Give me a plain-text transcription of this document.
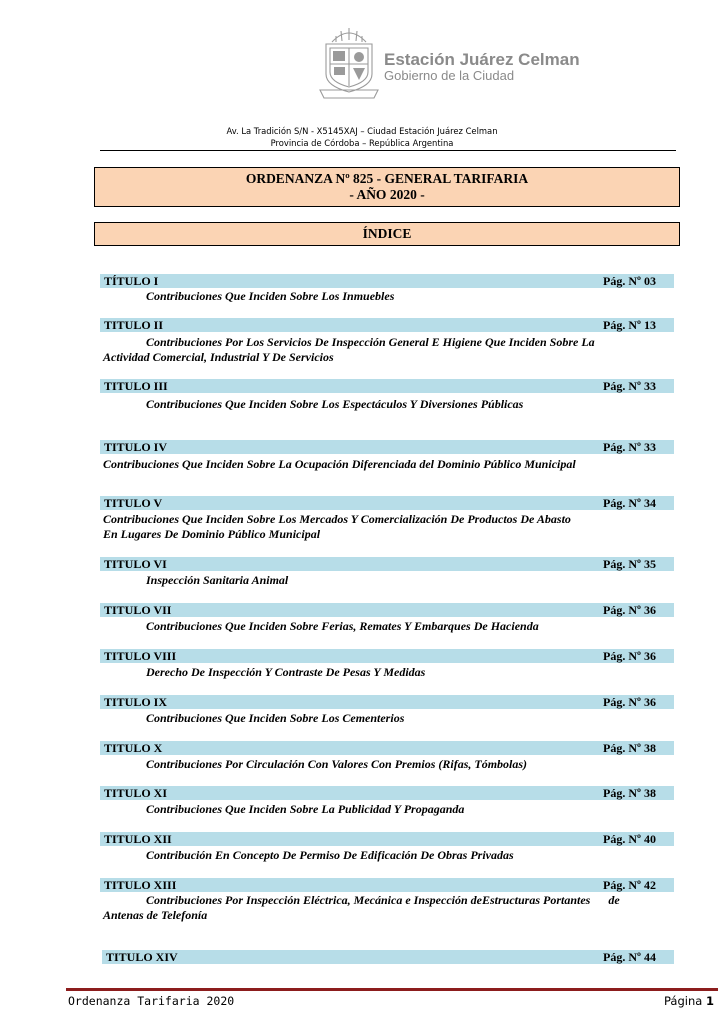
Estación Juárez Celman
Gobierno de la Ciudad
Av. La Tradición S/N - X5145XAJ – Ciudad Estación Juárez Celman
Provincia de Córdoba – República Argentina
ORDENANZA Nº 825 - GENERAL TARIFARIA
- AÑO 2020 -
ÍNDICE
TÍTULO I	Pág. Nº 03
Contribuciones Que Inciden Sobre Los Inmuebles
TITULO II	Pág. Nº 13
Contribuciones Por Los Servicios De Inspección General E Higiene Que Inciden Sobre La
Actividad Comercial, Industrial Y De Servicios
TITULO III	Pág. Nº 33
Contribuciones Que Inciden Sobre Los Espectáculos Y Diversiones Públicas
TITULO IV	Pág. Nº 33
Contribuciones Que Inciden Sobre La Ocupación Diferenciada del Dominio Público Municipal
TITULO V	Pág. Nº 34
Contribuciones Que Inciden Sobre Los Mercados Y Comercialización De Productos De Abasto
En Lugares De Dominio Público Municipal
TITULO VI	Pág. Nº 35
Inspección Sanitaria Animal
TITULO VII	Pág. Nº 36
Contribuciones Que Inciden Sobre Ferias, Remates Y Embarques De Hacienda
TITULO VIII	Pág. Nº 36
Derecho De Inspección Y Contraste De Pesas Y Medidas
TITULO IX	Pág. Nº 36
Contribuciones Que Inciden Sobre Los Cementerios
TITULO X	Pág. Nº 38
Contribuciones Por Circulación Con Valores Con Premios (Rifas, Tómbolas)
TITULO XI	Pág. Nº 38
Contribuciones Que Inciden Sobre La Publicidad Y Propaganda
TITULO XII	Pág. Nº 40
Contribución En Concepto De Permiso De Edificación De Obras Privadas
TITULO XIII	Pág. Nº 42
Contribuciones Por Inspección Eléctrica, Mecánica e Inspección deEstructuras Portantes      de
Antenas de Telefonía
TITULO XIV	Pág. Nº 44
Ordenanza Tarifaria 2020	Página 1
